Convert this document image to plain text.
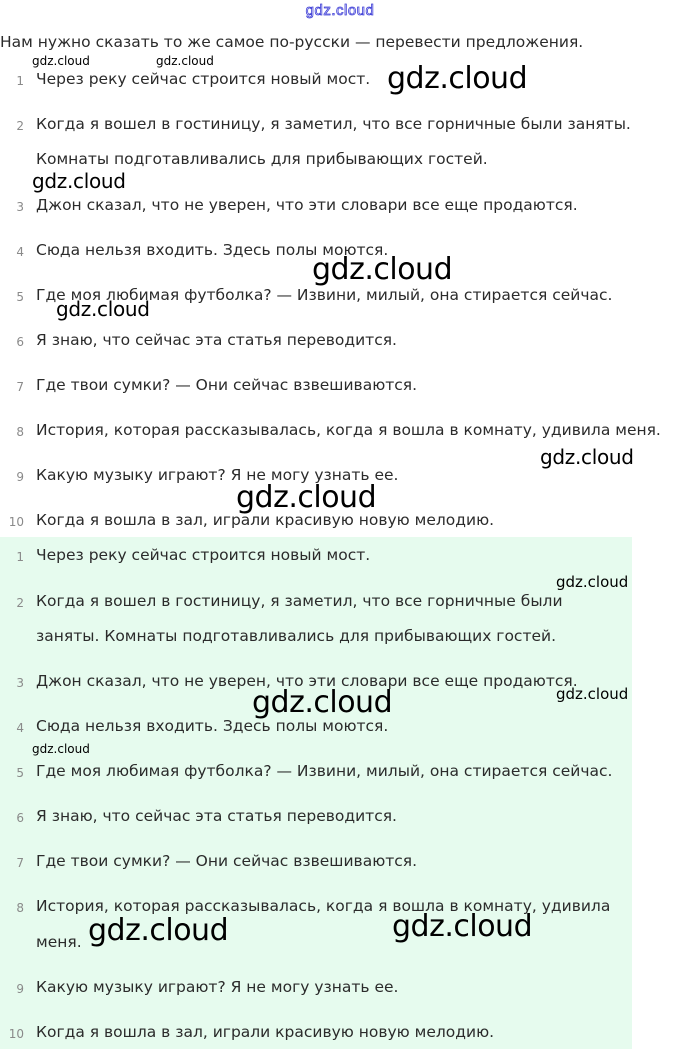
gdz.cloud
Нам нужно сказать то же самое по-русски — перевести предложения.
1 Через реку сейчас строится новый мост.
2 Когда я вошел в гостиницу, я заметил, что все горничные были заняты.
Комнаты подготавливались для прибывающих гостей.
3 Джон сказал, что не уверен, что эти словари все еще продаются.
4 Сюда нельзя входить. Здесь полы моются.
5 Где моя любимая футболка? — Извини, милый, она стирается сейчас.
6 Я знаю, что сейчас эта статья переводится.
7 Где твои сумки? — Они сейчас взвешиваются.
8 История, которая рассказывалась, когда я вошла в комнату, удивила меня.
9 Какую музыку играют? Я не могу узнать ее.
10 Когда я вошла в зал, играли красивую новую мелодию.
1 Через реку сейчас строится новый мост.
2 Когда я вошел в гостиницу, я заметил, что все горничные были
заняты. Комнаты подготавливались для прибывающих гостей.
3 Джон сказал, что не уверен, что эти словари все еще продаются.
4 Сюда нельзя входить. Здесь полы моются.
5 Где моя любимая футболка? — Извини, милый, она стирается сейчас.
6 Я знаю, что сейчас эта статья переводится.
7 Где твои сумки? — Они сейчас взвешиваются.
8 История, которая рассказывалась, когда я вошла в комнату, удивила
меня.
9 Какую музыку играют? Я не могу узнать ее.
10 Когда я вошла в зал, играли красивую новую мелодию.
gdz.cloud	gdz.cloud	gdz.cloud
gdz.cloud
gdz.cloud
gdz.cloud
gdz.cloud
gdz.cloud
gdz.cloud
gdz.cloud	gdz.cloud
gdz.cloud
gdz.cloud	gdz.cloud
